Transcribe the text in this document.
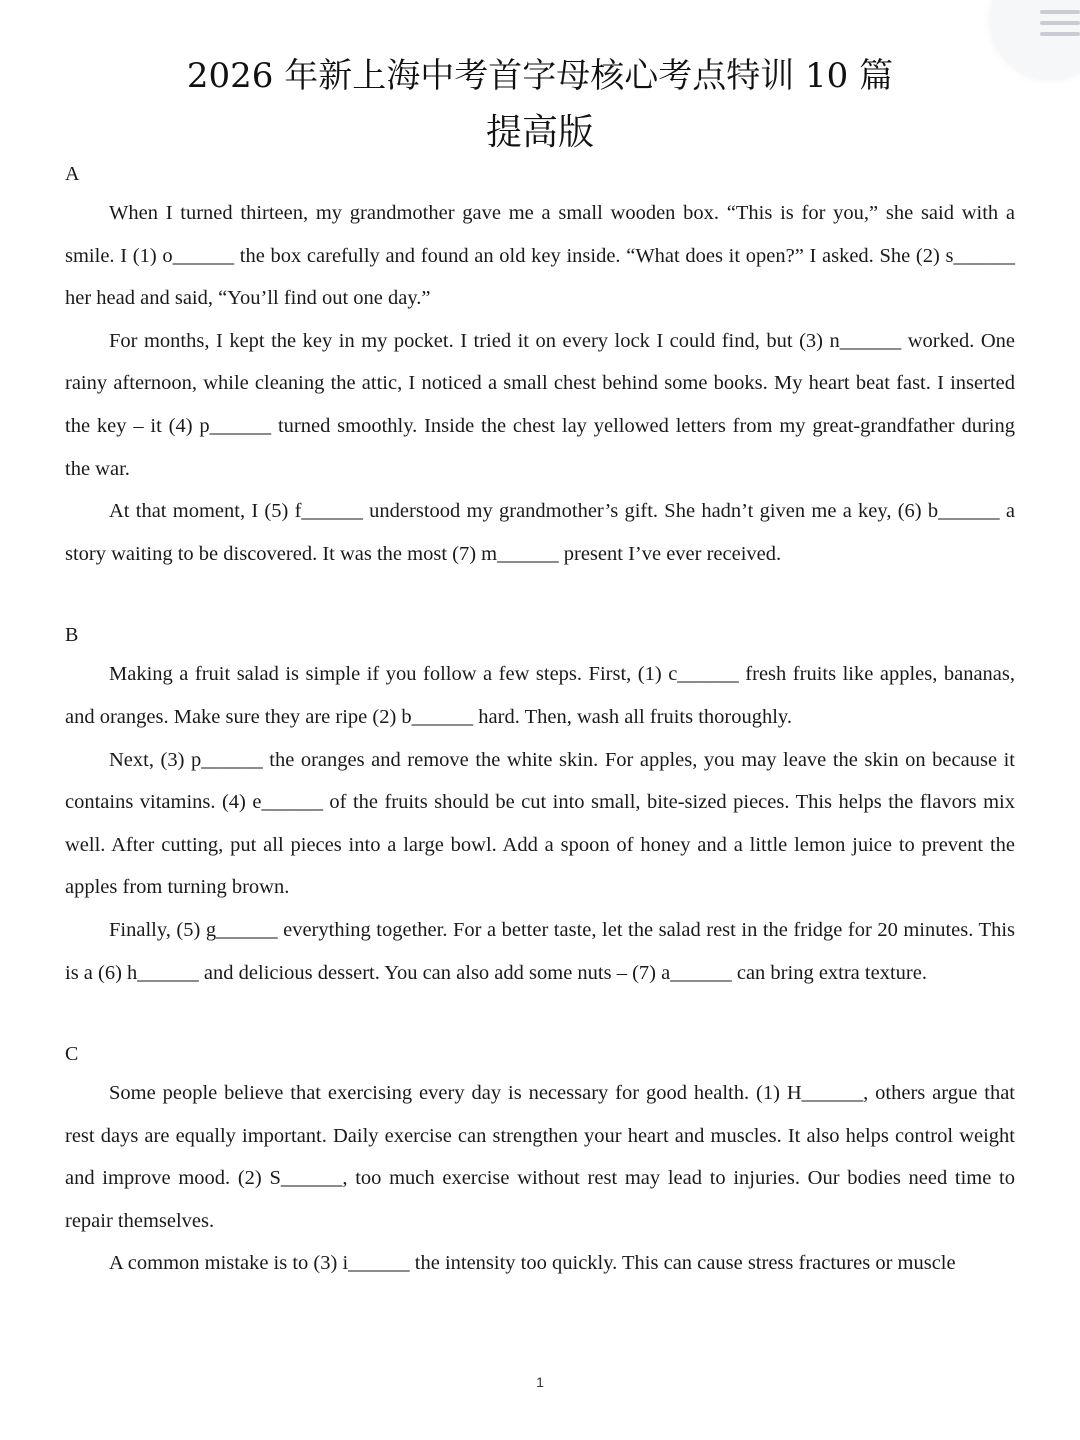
2026 年新上海中考首字母核心考点特训 10 篇
提高版

A

When I turned thirteen, my grandmother gave me a small wooden box. “This is for you,” she said with a smile. I (1) o______ the box carefully and found an old key inside. “What does it open?” I asked. She (2) s______ her head and said, “You’ll find out one day.”

For months, I kept the key in my pocket. I tried it on every lock I could find, but (3) n______ worked. One rainy afternoon, while cleaning the attic, I noticed a small chest behind some books. My heart beat fast. I inserted the key – it (4) p______ turned smoothly. Inside the chest lay yellowed letters from my great-grandfather during the war.

At that moment, I (5) f______ understood my grandmother’s gift. She hadn’t given me a key, (6) b______ a story waiting to be discovered. It was the most (7) m______ present I’ve ever received.

B

Making a fruit salad is simple if you follow a few steps. First, (1) c______ fresh fruits like apples, bananas, and oranges. Make sure they are ripe (2) b______ hard. Then, wash all fruits thoroughly.

Next, (3) p______ the oranges and remove the white skin. For apples, you may leave the skin on because it contains vitamins. (4) e______ of the fruits should be cut into small, bite-sized pieces. This helps the flavors mix well. After cutting, put all pieces into a large bowl. Add a spoon of honey and a little lemon juice to prevent the apples from turning brown.

Finally, (5) g______ everything together. For a better taste, let the salad rest in the fridge for 20 minutes. This is a (6) h______ and delicious dessert. You can also add some nuts – (7) a______ can bring extra texture.

C

Some people believe that exercising every day is necessary for good health. (1) H______, others argue that rest days are equally important. Daily exercise can strengthen your heart and muscles. It also helps control weight and improve mood. (2) S______, too much exercise without rest may lead to injuries. Our bodies need time to repair themselves.

A common mistake is to (3) i______ the intensity too quickly. This can cause stress fractures or muscle

1
